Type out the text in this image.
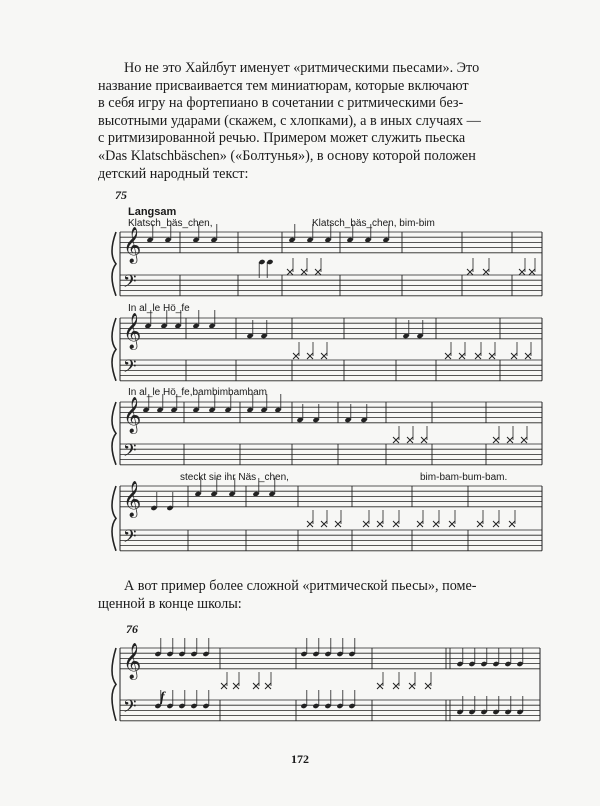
Но не это Хайлбут именует «ритмическими пьесами». Это
название присваивается тем миниатюрам, которые включают
в себя игру на фортепиано в сочетании с ритмическими без-
высотными ударами (скажем, с хлопками), а в иных случаях —
с ритмизированной речью. Примером может служить пьеска
«Das Klatschbäschen» («Болтунья»), в основу которой положен
детский народный текст:

𝄞
𝄢
𝄞
𝄢
𝄞
𝄢
𝄞
𝄢
𝄞
𝄢
75
Langsam
Klatsch_bäs_chen,	Klatsch_bäs_chen, bim-bim
In al_le Hö_fe
In al_le Hö_fe,bambimbambam
steckt sie ihr Näs _chen,	bim-bam-bum-bam.

А вот пример более сложной «ритмической пьесы», поме-
щенной в конце школы:

76
f
172
